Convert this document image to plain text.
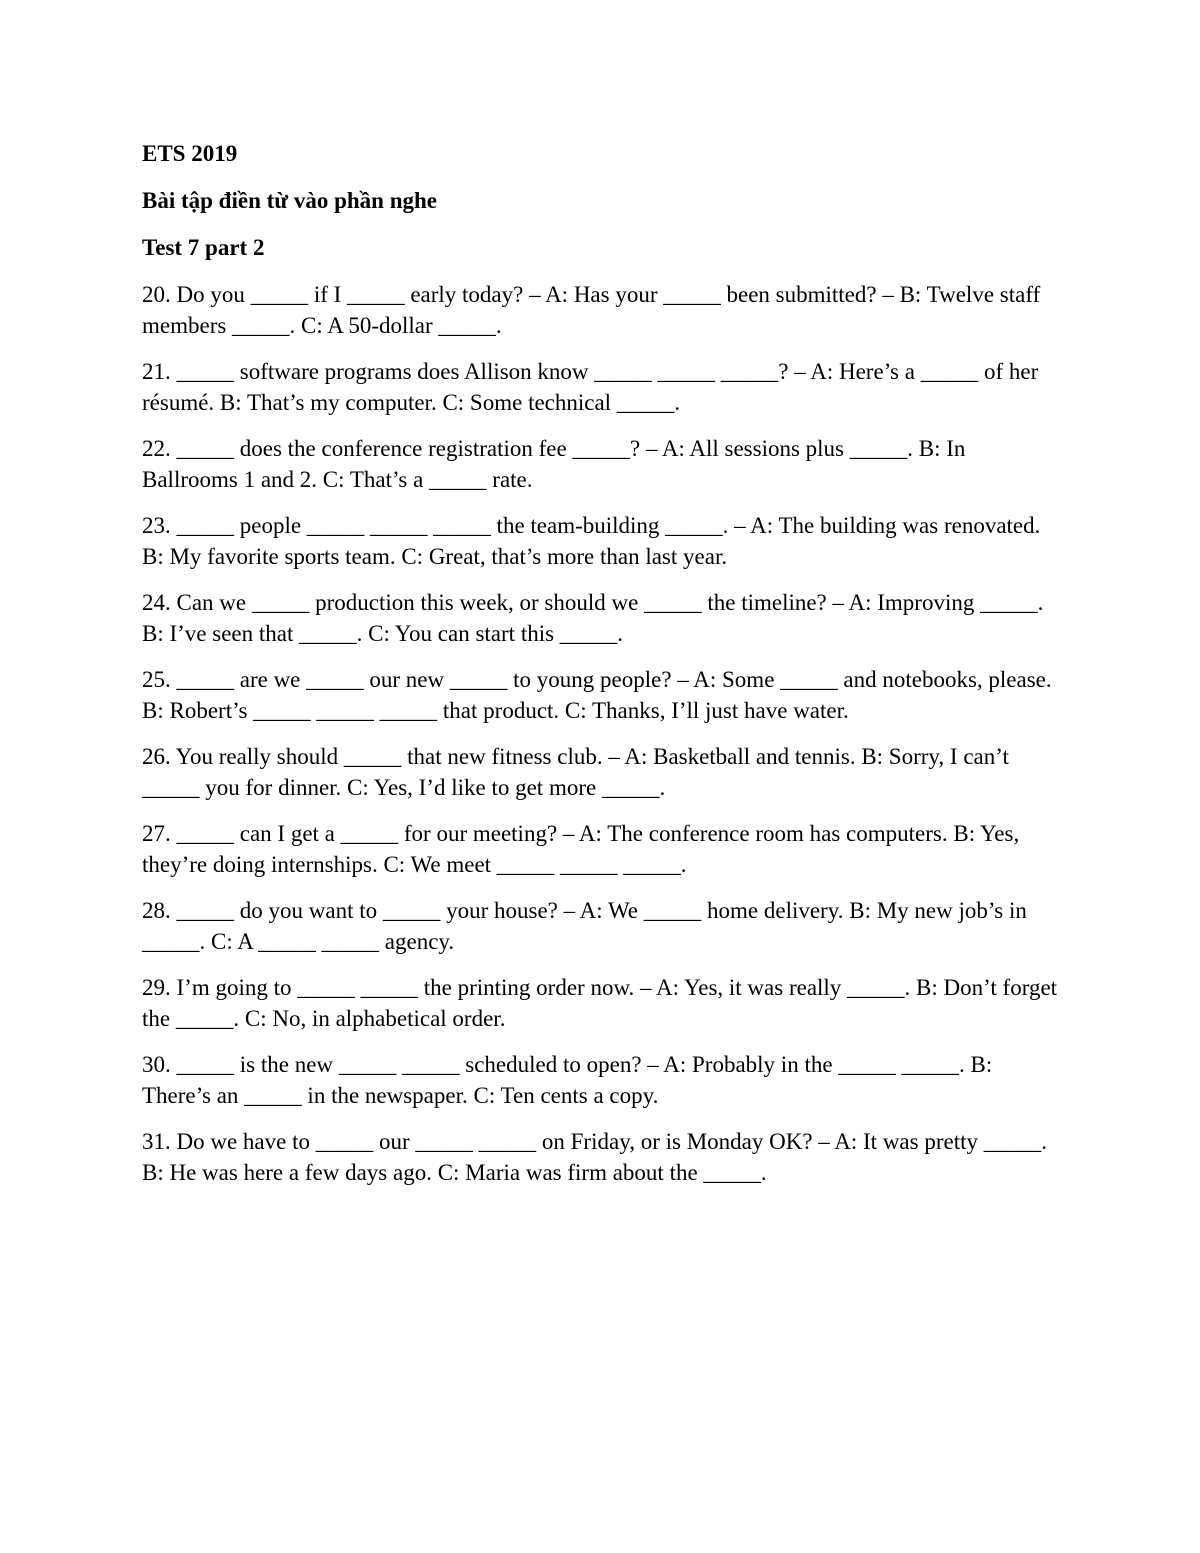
ETS 2019
Bài tập điền từ vào phần nghe
Test 7 part 2
20. Do you _____ if I _____ early today? – A: Has your _____ been submitted? – B: Twelve staff members _____. C: A 50-dollar _____.
21. _____ software programs does Allison know _____ _____ _____? – A: Here’s a _____ of her résumé. B: That’s my computer. C: Some technical _____.
22. _____ does the conference registration fee _____? – A: All sessions plus _____. B: In Ballrooms 1 and 2. C: That’s a _____ rate.
23. _____ people _____ _____ _____ the team-building _____. – A: The building was renovated. B: My favorite sports team. C: Great, that’s more than last year.
24. Can we _____ production this week, or should we _____ the timeline? – A: Improving _____. B: I’ve seen that _____. C: You can start this _____.
25. _____ are we _____ our new _____ to young people? – A: Some _____ and notebooks, please. B: Robert’s _____ _____ _____ that product. C: Thanks, I’ll just have water.
26. You really should _____ that new fitness club. – A: Basketball and tennis. B: Sorry, I can’t _____ you for dinner. C: Yes, I’d like to get more _____.
27. _____ can I get a _____ for our meeting? – A: The conference room has computers. B: Yes, they’re doing internships. C: We meet _____ _____ _____.
28. _____ do you want to _____ your house? – A: We _____ home delivery. B: My new job’s in _____. C: A _____ _____ agency.
29. I’m going to _____ _____ the printing order now. – A: Yes, it was really _____. B: Don’t forget the _____. C: No, in alphabetical order.
30. _____ is the new _____ _____ scheduled to open? – A: Probably in the _____ _____. B: There’s an _____ in the newspaper. C: Ten cents a copy.
31. Do we have to _____ our _____ _____ on Friday, or is Monday OK? – A: It was pretty _____. B: He was here a few days ago. C: Maria was firm about the _____.
